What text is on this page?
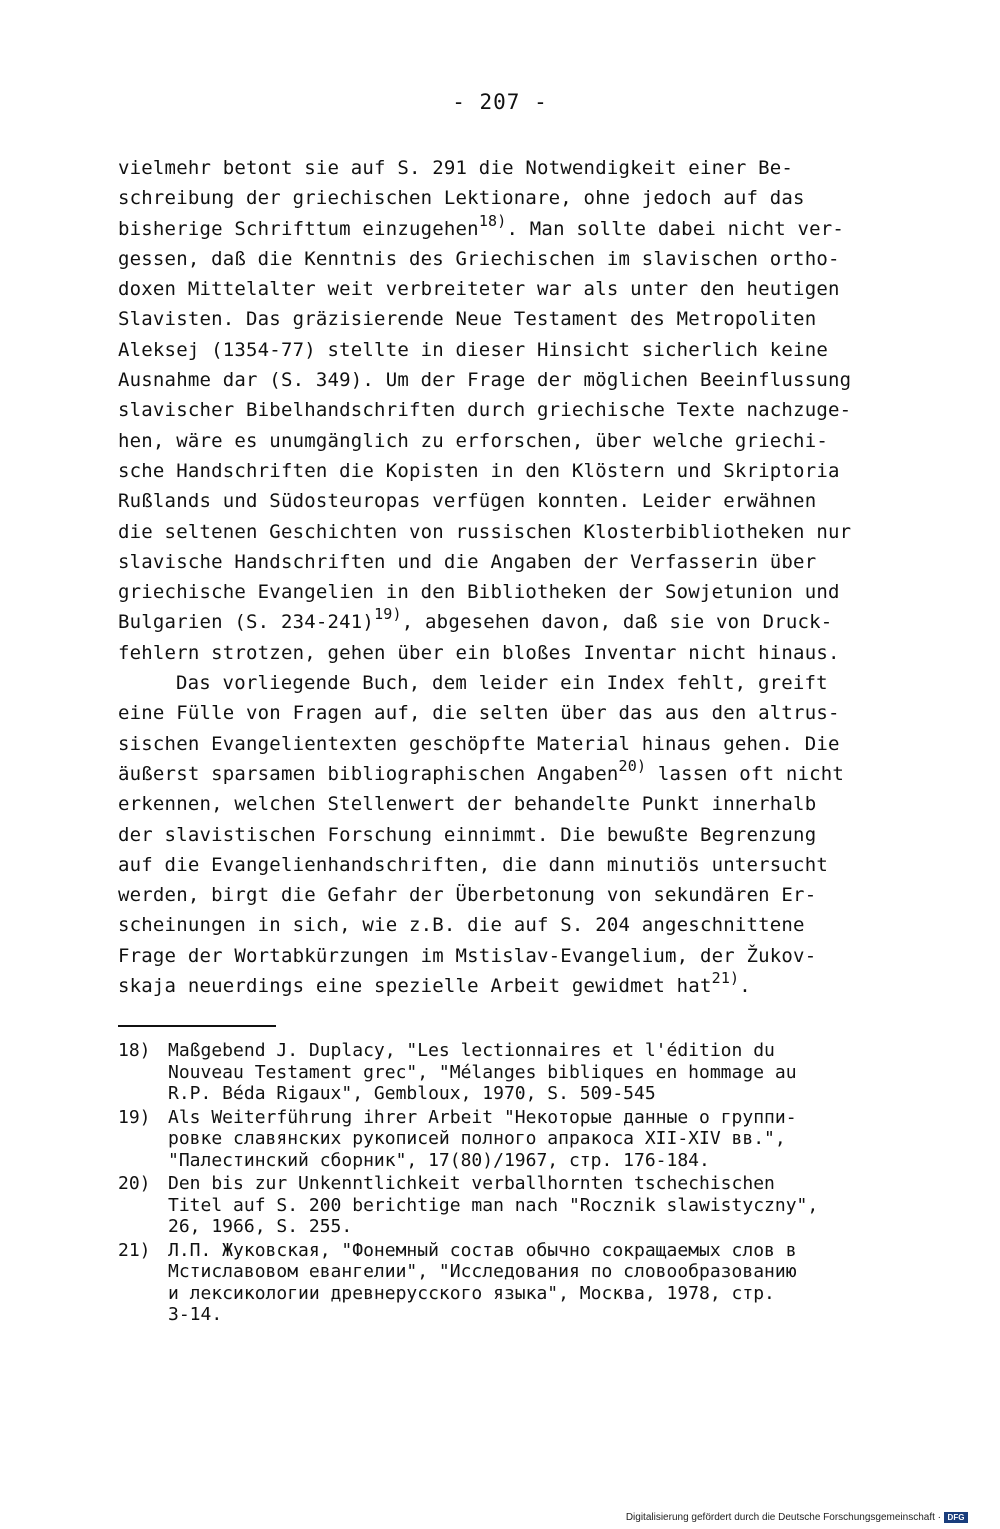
- 207 -
vielmehr betont sie auf S. 291 die Notwendigkeit einer Be-
schreibung der griechischen Lektionare, ohne jedoch auf das
bisherige Schrifttum einzugehen$^{18)}$. Man sollte dabei nicht ver-
gessen, daß die Kenntnis des Griechischen im slavischen ortho-
doxen Mittelalter weit verbreiteter war als unter den heutigen
Slavisten. Das gräzisierende Neue Testament des Metropoliten
Aleksej (1354-77) stellte in dieser Hinsicht sicherlich keine
Ausnahme dar (S. 349). Um der Frage der möglichen Beeinflussung
slavischer Bibelhandschriften durch griechische Texte nachzuge-
hen, wäre es unumgänglich zu erforschen, über welche griechi-
sche Handschriften die Kopisten in den Klöstern und Skriptoria
Rußlands und Südosteuropas verfügen konnten. Leider erwähnen
die seltenen Geschichten von russischen Klosterbibliotheken nur
slavische Handschriften und die Angaben der Verfasserin über
griechische Evangelien in den Bibliotheken der Sowjetunion und
Bulgarien (S. 234-241)$^{19)}$, abgesehen davon, daß sie von Druck-
fehlern strotzen, gehen über ein bloßes Inventar nicht hinaus.
Das vorliegende Buch, dem leider ein Index fehlt, greift
eine Fülle von Fragen auf, die selten über das aus den altrus-
sischen Evangelientexten geschöpfte Material hinaus gehen. Die
äußerst sparsamen bibliographischen Angaben$^{20)}$ lassen oft nicht
erkennen, welchen Stellenwert der behandelte Punkt innerhalb
der slavistischen Forschung einnimmt. Die bewußte Begrenzung
auf die Evangelienhandschriften, die dann minutiös untersucht
werden, birgt die Gefahr der Überbetonung von sekundären Er-
scheinungen in sich, wie z.B. die auf S. 204 angeschnittene
Frage der Wortabkürzungen im Mstislav-Evangelium, der Žukov-
skaja neuerdings eine spezielle Arbeit gewidmet hat$^{21)}$.
18) Maßgebend J. Duplacy, "Les lectionnaires et l'édition du
Nouveau Testament grec", "Mélanges bibliques en hommage au
R.P. Béda Rigaux", Gembloux, 1970, S. 509-545
19) Als Weiterführung ihrer Arbeit "Некоторые данные о группи-
ровке славянских рукописей полного апракоса XII-XIV вв.",
"Палестинский сборник", 17(80)/1967, стр. 176-184.
20) Den bis zur Unkenntlichkeit verballhornten tschechischen
Titel auf S. 200 berichtige man nach "Rocznik slawistyczny",
26, 1966, S. 255.
21) Л.П. Жуковская, "Фонемный состав обычно сокращаемых слов в
Мстиславовом евангелии", "Исследования по словообразованию
и лексикологии древнерусского языка", Москва, 1978, стр.
3-14.
Digitalisierung gefördert durch die Deutsche Forschungsgemeinschaft · DFG
